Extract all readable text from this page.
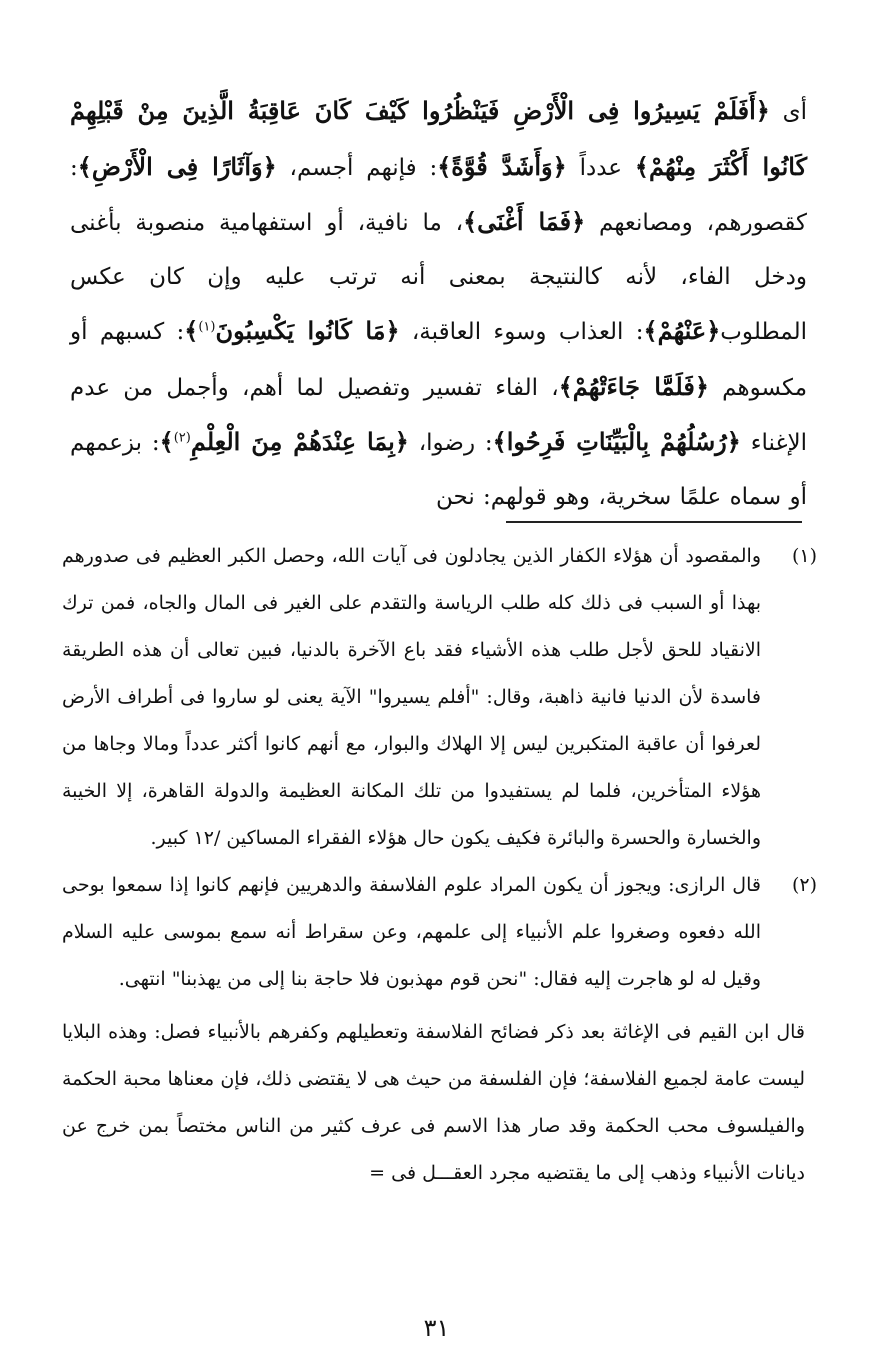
أى ﴿أَفَلَمْ يَسِيرُوا فِى الْأَرْضِ فَيَنْظُرُوا كَيْفَ كَانَ عَاقِبَةُ الَّذِينَ مِنْ قَبْلِهِمْ كَانُوا أَكْثَرَ مِنْهُمْ﴾ عدداً ﴿وَأَشَدَّ قُوَّةً﴾: فإنهم أجسم، ﴿وَآثَارًا فِى الْأَرْضِ﴾: كقصورهم، ومصانعهم ﴿فَمَا أَغْنَى﴾، ما نافية، أو استفهامية منصوبة بأغنى ودخل الفاء، لأنه كالنتيجة بمعنى أنه ترتب عليه وإن كان عكس المطلوب﴿عَنْهُمْ﴾: العذاب وسوء العاقبة، ﴿مَا كَانُوا يَكْسِبُونَ$^{(١)}$﴾: كسبهم أو مكسوهم ﴿فَلَمَّا جَاءَتْهُمْ﴾، الفاء تفسير وتفصيل لما أهم، وأجمل من عدم الإغناء ﴿رُسُلُهُمْ بِالْبَيِّنَاتِ فَرِحُوا﴾: رضوا، ﴿بِمَا عِنْدَهُمْ مِنَ الْعِلْمِ$^{(٢)}$﴾: بزعمهم أو سماه علمًا سخرية، وهو قولهم: نحن
(١)
والمقصود أن هؤلاء الكفار الذين يجادلون فى آيات الله، وحصل الكبر العظيم فى صدورهم بهذا أو السبب فى ذلك كله طلب الرياسة والتقدم على الغير فى المال والجاه، فمن ترك الانقياد للحق لأجل طلب هذه الأشياء فقد باع الآخرة بالدنيا، فبين تعالى أن هذه الطريقة فاسدة لأن الدنيا فانية ذاهبة، وقال: "أفلم يسيروا" الآية يعنى لو ساروا فى أطراف الأرض لعرفوا أن عاقبة المتكبرين ليس إلا الهلاك والبوار، مع أنهم كانوا أكثر عدداً ومالا وجاها من هؤلاء المتأخرين، فلما لم يستفيدوا من تلك المكانة العظيمة والدولة القاهرة، إلا الخيبة والخسارة والحسرة والبائرة فكيف يكون حال هؤلاء الفقراء المساكين /١٢ كبير.
(٢)
قال الرازى: ويجوز أن يكون المراد علوم الفلاسفة والدهريين فإنهم كانوا إذا سمعوا بوحى الله دفعوه وصغروا علم الأنبياء إلى علمهم، وعن سقراط أنه سمع بموسى عليه السلام وقيل له لو هاجرت إليه فقال: "نحن قوم مهذبون فلا حاجة بنا إلى من يهذبنا" انتهى.
قال ابن القيم فى الإغاثة بعد ذكر فضائح الفلاسفة وتعطيلهم وكفرهم بالأنبياء فصل: وهذه البلايا ليست عامة لجميع الفلاسفة؛ فإن الفلسفة من حيث هى لا يقتضى ذلك، فإن معناها محبة الحكمة والفيلسوف محب الحكمة وقد صار هذا الاسم فى عرف كثير من الناس مختصاً بمن خرج عن ديانات الأنبياء وذهب إلى ما يقتضيه مجرد العقـــل فى =
٣١
